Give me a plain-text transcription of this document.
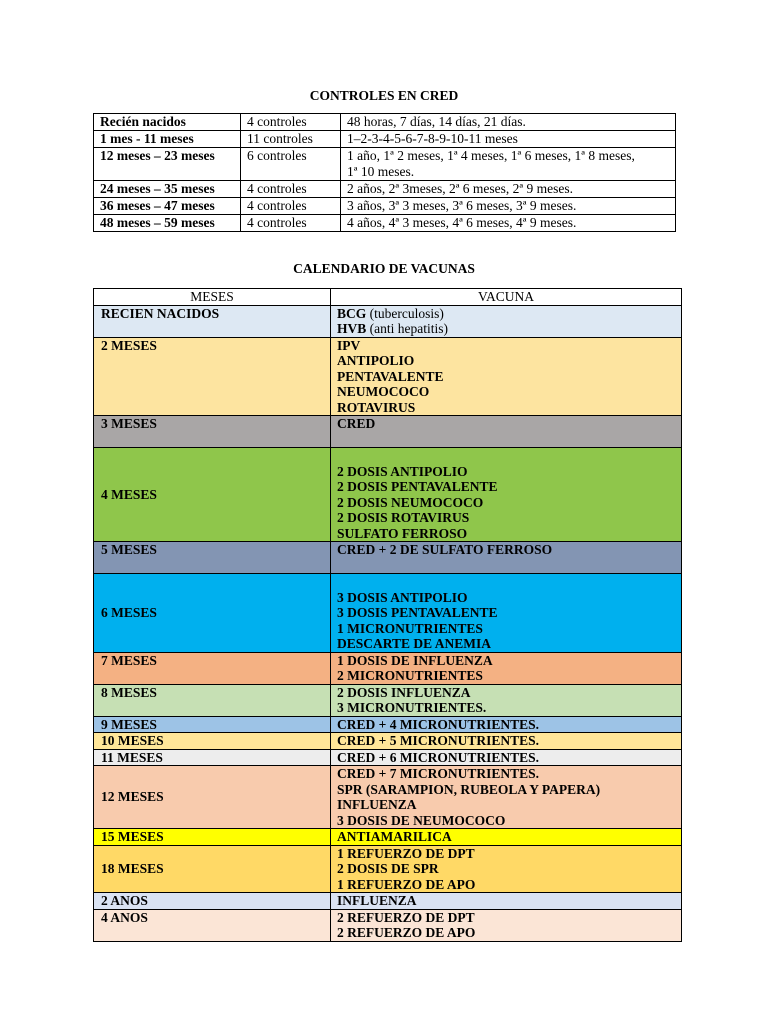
CONTROLES EN CRED
Recién nacidos	4 controles	48 horas, 7 días, 14 días, 21 días.

1 mes - 11 meses	11 controles	1–2-3-4-5-6-7-8-9-10-11 meses

12 meses – 23 meses	6 controles	1 año, 1ª 2 meses, 1ª 4 meses, 1ª 6 meses, 1ª 8 meses,
1ª 10 meses.

24 meses – 35 meses	4 controles	2 años, 2ª 3meses, 2ª 6 meses, 2ª 9 meses.

36 meses – 47 meses	4 controles	3 años, 3ª 3 meses, 3ª 6 meses, 3ª 9 meses.

48 meses – 59 meses	4 controles	4 años, 4ª 3 meses, 4ª 6 meses, 4ª 9 meses.
CALENDARIO DE VACUNAS
MESES	VACUNA
RECIEN NACIDOS	BCG (tuberculosis)
HVB (anti hepatitis)

2 MESES	IPV
ANTIPOLIO
PENTAVALENTE
NEUMOCOCO
ROTAVIRUS

3 MESES	CRED

4 MESES	2 DOSIS ANTIPOLIO
2 DOSIS PENTAVALENTE
2 DOSIS NEUMOCOCO
2 DOSIS ROTAVIRUS
SULFATO FERROSO

5 MESES	CRED + 2 DE SULFATO FERROSO

6 MESES	3 DOSIS ANTIPOLIO
3 DOSIS PENTAVALENTE
1 MICRONUTRIENTES
DESCARTE DE ANEMIA

7 MESES	1 DOSIS DE INFLUENZA
2 MICRONUTRIENTES

8 MESES	2 DOSIS INFLUENZA
3 MICRONUTRIENTES.

9 MESES	CRED + 4 MICRONUTRIENTES.

10 MESES	CRED + 5 MICRONUTRIENTES.

11 MESES	CRED + 6 MICRONUTRIENTES.

12 MESES	CRED + 7 MICRONUTRIENTES.
SPR (SARAMPION, RUBEOLA Y PAPERA)
INFLUENZA
3 DOSIS DE NEUMOCOCO

15 MESES	ANTIAMARILICA

18 MESES	1 REFUERZO DE DPT
2 DOSIS DE SPR
1 REFUERZO DE APO

2 ANOS	INFLUENZA

4 ANOS	2 REFUERZO DE DPT
2 REFUERZO DE APO
